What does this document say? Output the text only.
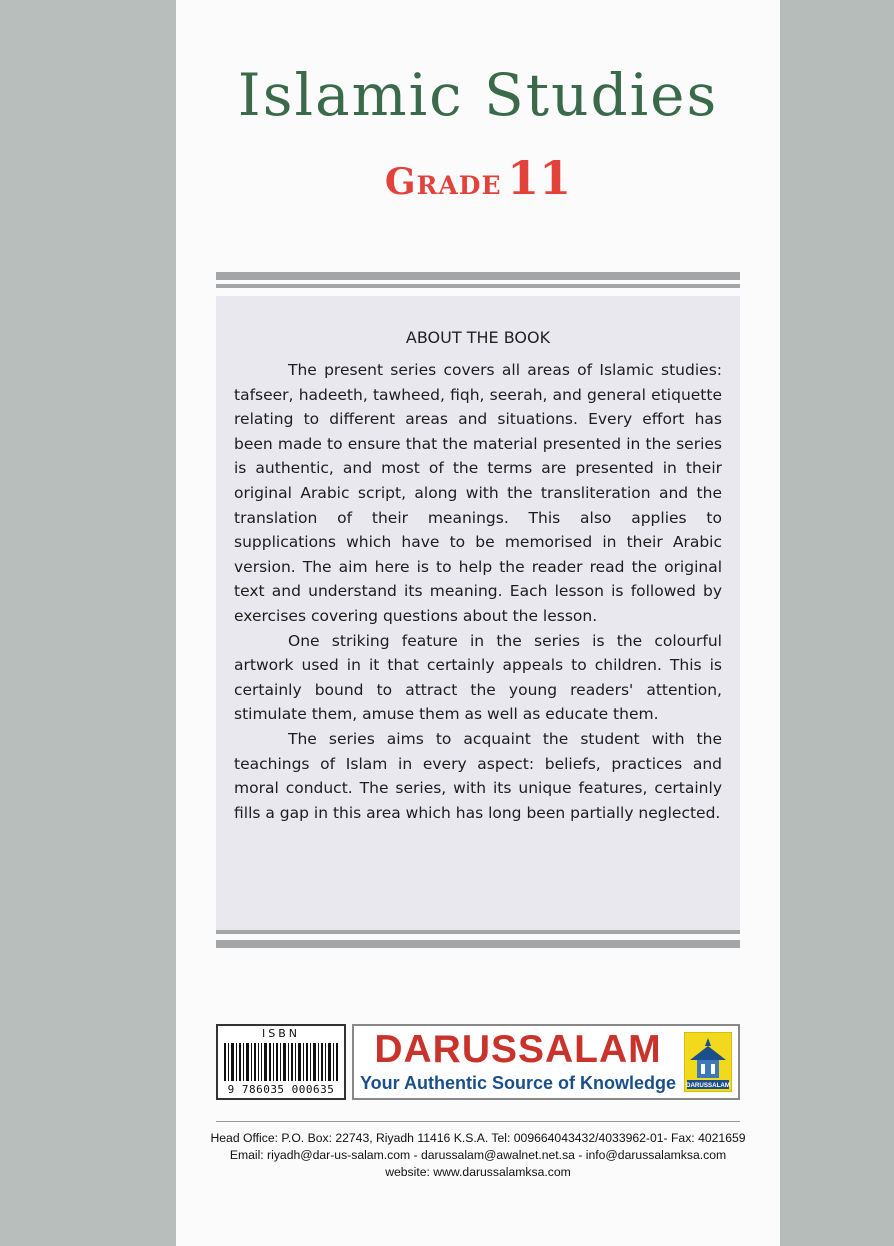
Islamic Studies
Grade 11
ABOUT THE BOOK

The present series covers all areas of Islamic studies: tafseer, hadeeth, tawheed, fiqh, seerah, and general etiquette relating to different areas and situations. Every effort has been made to ensure that the material presented in the series is authentic, and most of the terms are presented in their original Arabic script, along with the transliteration and the translation of their meanings. This also applies to supplications which have to be memorised in their Arabic version. The aim here is to help the reader read the original text and understand its meaning. Each lesson is followed by exercises covering questions about the lesson.

One striking feature in the series is the colourful artwork used in it that certainly appeals to children. This is certainly bound to attract the young readers' attention, stimulate them, amuse them as well as educate them.

The series aims to acquaint the student with the teachings of Islam in every aspect: beliefs, practices and moral conduct. The series, with its unique features, certainly fills a gap in this area which has long been partially neglected.

ISBN
9 786035 000635
DARUSSALAM
Your Authentic Source of Knowledge	DARUSSALAM
Head Office: P.O. Box: 22743, Riyadh 11416 K.S.A. Tel: 009664043432/4033962-01- Fax: 4021659
Email: riyadh@dar-us-salam.com - darussalam@awalnet.net.sa - info@darussalamksa.com
website: www.darussalamksa.com
